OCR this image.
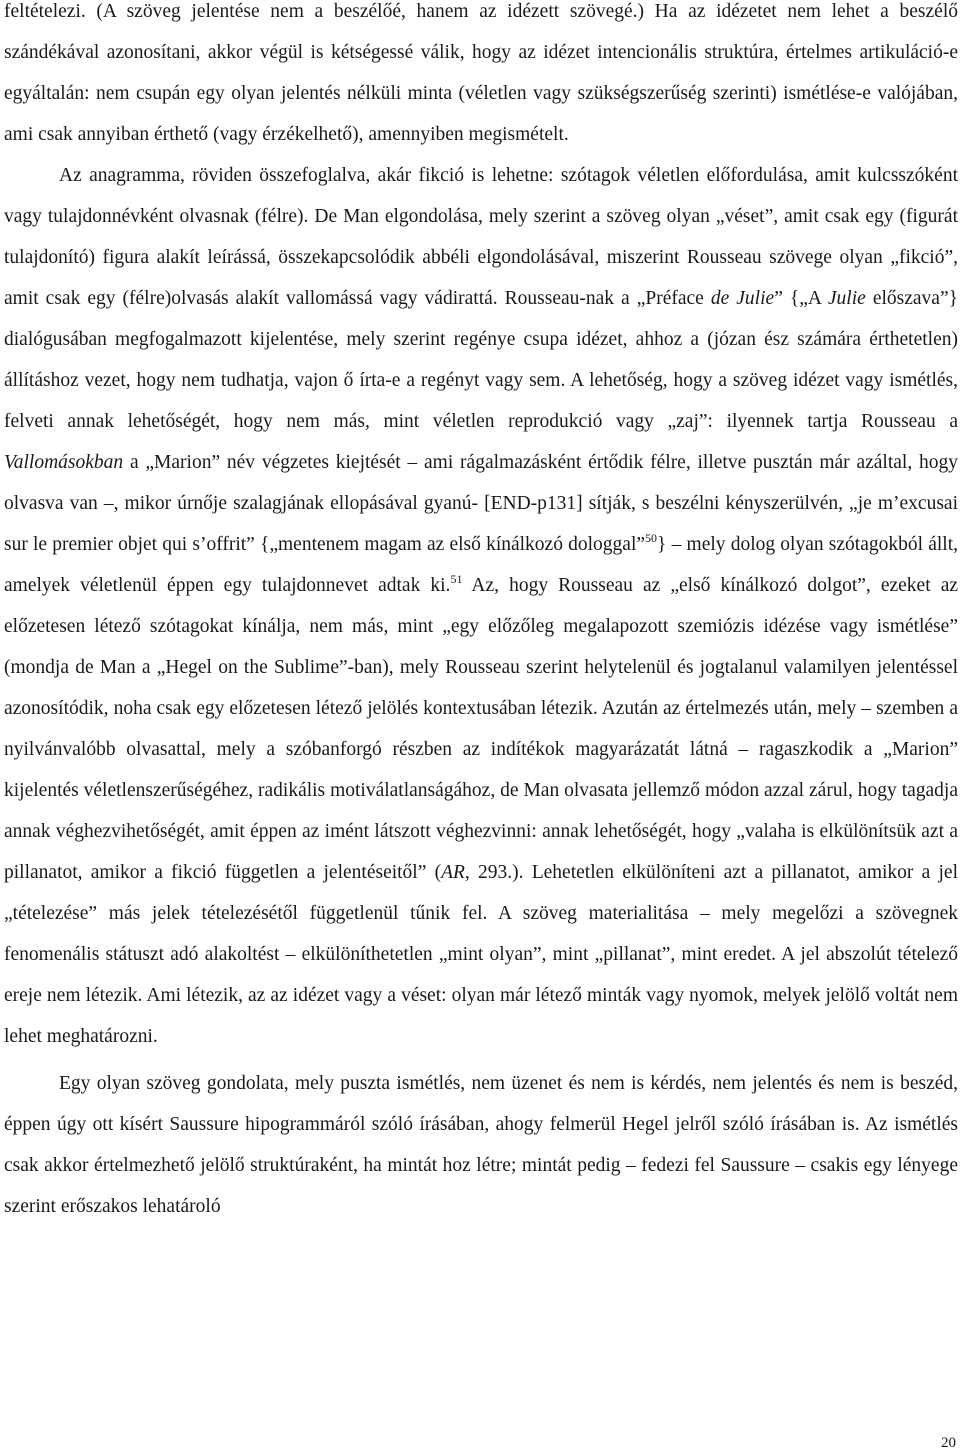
feltételezi. (A szöveg jelentése nem a beszélőé, hanem az idézett szövegé.) Ha az idézetet nem lehet a beszélő szándékával azonosítani, akkor végül is kétségessé válik, hogy az idézet intencionális struktúra, értelmes artikuláció-e egyáltalán: nem csupán egy olyan jelentés nélküli minta (véletlen vagy szükségszerűség szerinti) ismétlése-e valójában, ami csak annyiban érthető (vagy érzékelhető), amennyiben megismételt.

Az anagramma, röviden összefoglalva, akár fikció is lehetne: szótagok véletlen előfordulása, amit kulcsszóként vagy tulajdonnévként olvasnak (félre). De Man elgondolása, mely szerint a szöveg olyan „véset”, amit csak egy (figurát tulajdonító) figura alakít leírássá, összekapcsolódik abbéli elgondolásával, miszerint Rousseau szövege olyan „fikció”, amit csak egy (félre)olvasás alakít vallomássá vagy vádirattá. Rousseau-nak a „Préface de Julie” {„A Julie előszava”} dialógusában megfogalmazott kijelentése, mely szerint regénye csupa idézet, ahhoz a (józan ész számára érthetetlen) állításhoz vezet, hogy nem tudhatja, vajon ő írta-e a regényt vagy sem. A lehetőség, hogy a szöveg idézet vagy ismétlés, felveti annak lehetőségét, hogy nem más, mint véletlen reprodukció vagy „zaj”: ilyennek tartja Rousseau a Vallomásokban a „Marion” név végzetes kiejtését – ami rágalmazásként értődik félre, illetve pusztán már azáltal, hogy olvasva van –, mikor úrnője szalagjának ellopásával gyanú- [END-p131] sítják, s beszélni kényszerülvén, „je m’excusai sur le premier objet qui s’offrit” {„mentenem magam az első kínálkozó dologgal”$^{50}$} – mely dolog olyan szótagokból állt, amelyek véletlenül éppen egy tulajdonnevet adtak ki.$^{51}$ Az, hogy Rousseau az „első kínálkozó dolgot”, ezeket az előzetesen létező szótagokat kínálja, nem más, mint „egy előzőleg megalapozott szemiózis idézése vagy ismétlése” (mondja de Man a „Hegel on the Sublime”-ban), mely Rousseau szerint helytelenül és jogtalanul valamilyen jelentéssel azonosítódik, noha csak egy előzetesen létező jelölés kontextusában létezik. Azután az értelmezés után, mely – szemben a nyilvánvalóbb olvasattal, mely a szóbanforgó részben az indítékok magyarázatát látná – ragaszkodik a „Marion” kijelentés véletlenszerűségéhez, radikális motiválatlanságához, de Man olvasata jellemző módon azzal zárul, hogy tagadja annak véghezvihetőségét, amit éppen az imént látszott véghezvinni: annak lehetőségét, hogy „valaha is elkülönítsük azt a pillanatot, amikor a fikció független a jelentéseitől” (AR, 293.). Lehetetlen elkülöníteni azt a pillanatot, amikor a jel „tételezése” más jelek tételezésétől függetlenül tűnik fel. A szöveg materialitása – mely megelőzi a szövegnek fenomenális státuszt adó alakoltést – elkülöníthetetlen „mint olyan”, mint „pillanat”, mint eredet. A jel abszolút tételező ereje nem létezik. Ami létezik, az az idézet vagy a véset: olyan már létező minták vagy nyomok, melyek jelölő voltát nem lehet meghatározni.

Egy olyan szöveg gondolata, mely puszta ismétlés, nem üzenet és nem is kérdés, nem jelentés és nem is beszéd, éppen úgy ott kísért Saussure hipogrammáról szóló írásában, ahogy felmerül Hegel jelről szóló írásában is. Az ismétlés csak akkor értelmezhető jelölő struktúraként, ha mintát hoz létre; mintát pedig – fedezi fel Saussure – csakis egy lényege szerint erőszakos lehatároló

20
